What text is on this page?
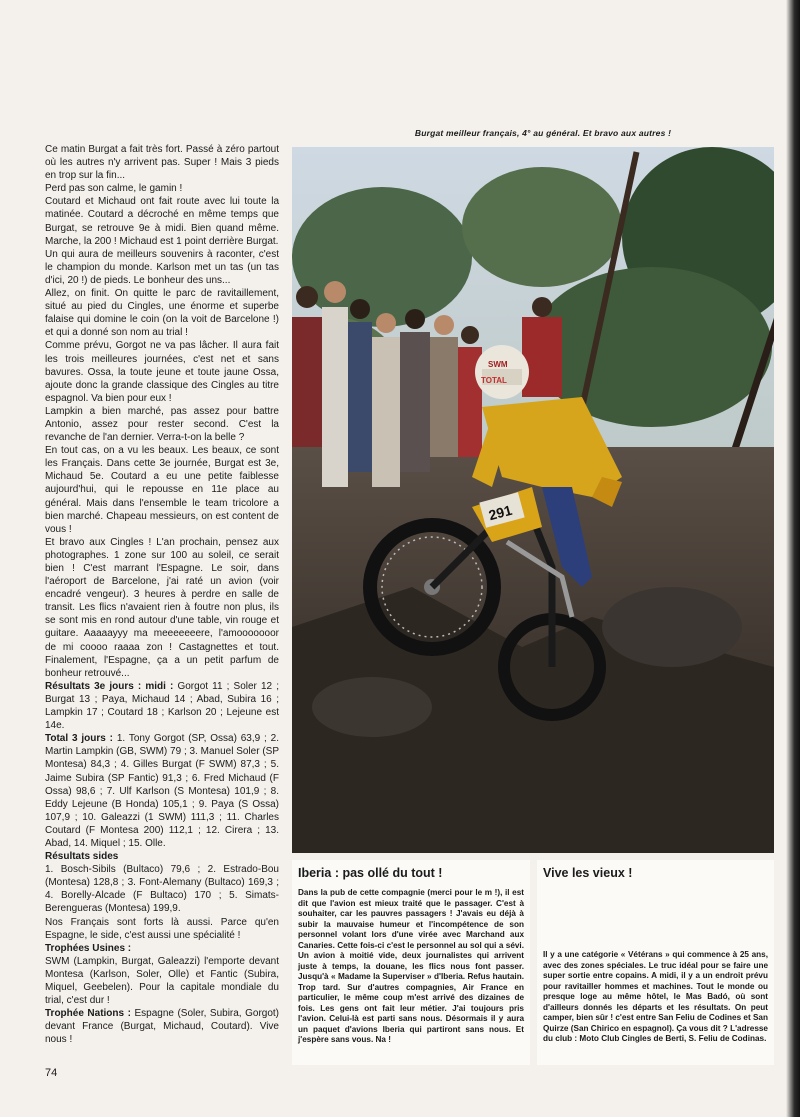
Burgat meilleur français, 4° au général. Et bravo aux autres !

Ce matin Burgat a fait très fort. Passé à zéro partout où les autres n'y arrivent pas. Super ! Mais 3 pieds en trop sur la fin...

Perd pas son calme, le gamin !

Coutard et Michaud ont fait route avec lui toute la matinée. Coutard a décroché en même temps que Burgat, se retrouve 9e à midi. Bien quand même. Marche, la 200 ! Michaud est 1 point derrière Burgat.

Un qui aura de meilleurs souvenirs à raconter, c'est le champion du monde. Karlson met un tas (un tas d'ici, 20 !) de pieds. Le bonheur des uns...

Allez, on finit. On quitte le parc de ravitaillement, situé au pied du Cingles, une énorme et superbe falaise qui domine le coin (on la voit de Barcelone !) et qui a donné son nom au trial !

Comme prévu, Gorgot ne va pas lâcher. Il aura fait les trois meilleures journées, c'est net et sans bavures. Ossa, la toute jeune et toute jaune Ossa, ajoute donc la grande classique des Cingles au titre espagnol. Va bien pour eux !

Lampkin a bien marché, pas assez pour battre Antonio, assez pour rester second. C'est la revanche de l'an dernier. Verra-t-on la belle ?

En tout cas, on a vu les beaux. Les beaux, ce sont les Français. Dans cette 3e journée, Burgat est 3e, Michaud 5e. Coutard a eu une petite faiblesse aujourd'hui, qui le repousse en 11e place au général. Mais dans l'ensemble le team tricolore a bien marché. Chapeau messieurs, on est content de vous !

Et bravo aux Cingles ! L'an prochain, pensez aux photographes. 1 zone sur 100 au soleil, ce serait bien ! C'est marrant l'Espagne. Le soir, dans l'aéroport de Barcelone, j'ai raté un avion (voir encadré vengeur). 3 heures à perdre en salle de transit. Les flics n'avaient rien à foutre non plus, ils se sont mis en rond autour d'une table, vin rouge et guitare. Aaaaayyy ma meeeeeeere, l'amooooooor de mi coooo raaaa zon ! Castagnettes et tout. Finalement, l'Espagne, ça a un petit parfum de bonheur retrouvé...

Résultats 3e jours : midi : Gorgot 11 ; Soler 12 ; Burgat 13 ; Paya, Michaud 14 ; Abad, Subira 16 ; Lampkin 17 ; Coutard 18 ; Karlson 20 ; Lejeune est 14e.

Total 3 jours : 1. Tony Gorgot (SP, Ossa) 63,9 ; 2. Martin Lampkin (GB, SWM) 79 ; 3. Manuel Soler (SP Montesa) 84,3 ; 4. Gilles Burgat (F SWM) 87,3 ; 5. Jaime Subira (SP Fantic) 91,3 ; 6. Fred Michaud (F Ossa) 98,6 ; 7. Ulf Karlson (S Montesa) 101,9 ; 8. Eddy Lejeune (B Honda) 105,1 ; 9. Paya (S Ossa) 107,9 ; 10. Galeazzi (1 SWM) 111,3 ; 11. Charles Coutard (F Montesa 200) 112,1 ; 12. Cirera ; 13. Abad, 14. Miquel ; 15. Olle.

Résultats sides

1. Bosch-Sibils (Bultaco) 79,6 ; 2. Estrado-Bou (Montesa) 128,8 ; 3. Font-Alemany (Bultaco) 169,3 ; 4. Borelly-Alcade (F Bultaco) 170 ; 5. Simats-Berengueras (Montesa) 199,9.

Nos Français sont forts là aussi. Parce qu'en Espagne, le side, c'est aussi une spécialité !

Trophées Usines :

SWM (Lampkin, Burgat, Galeazzi) l'emporte devant Montesa (Karlson, Soler, Olle) et Fantic (Subira, Miquel, Geebelen). Pour la capitale mondiale du trial, c'est dur !

Trophée Nations : Espagne (Soler, Subira, Gorgot) devant France (Burgat, Michaud, Coutard). Vive nous !

291
SWM
TOTAL
Iberia : pas ollé du tout !
Dans la pub de cette compagnie (merci pour le m !), il est dit que l'avion est mieux traité que le passager. C'est à souhaiter, car les pauvres passagers ! J'avais eu déjà à subir la mauvaise humeur et l'incompétence de son personnel volant lors d'une virée avec Marchand aux Canaries. Cette fois-ci c'est le personnel au sol qui a sévi. Un avion à moitié vide, deux journalistes qui arrivent juste à temps, la douane, les flics nous font passer. Jusqu'à « Madame la Superviser » d'Iberia. Refus hautain. Trop tard. Sur d'autres compagnies, Air France en particulier, le même coup m'est arrivé des dizaines de fois. Les gens ont fait leur métier. J'ai toujours pris l'avion. Celui-là est parti sans nous. Désormais il y aura un paquet d'avions Iberia qui partiront sans nous. Et j'espère sans vous. Na !
Vive les vieux !
Il y a une catégorie « Vétérans » qui commence à 25 ans, avec des zones spéciales. Le truc idéal pour se faire une super sortie entre copains. A midi, il y a un endroit prévu pour ravitailler hommes et machines. Tout le monde ou presque loge au même hôtel, le Mas Badó, où sont d'ailleurs donnés les départs et les résultats. On peut camper, bien sûr ! c'est entre San Feliu de Codines et San Quirze (San Chirico en espagnol). Ça vous dit ? L'adresse du club : Moto Club Cingles de Berti, S. Feliu de Codinas.
74
